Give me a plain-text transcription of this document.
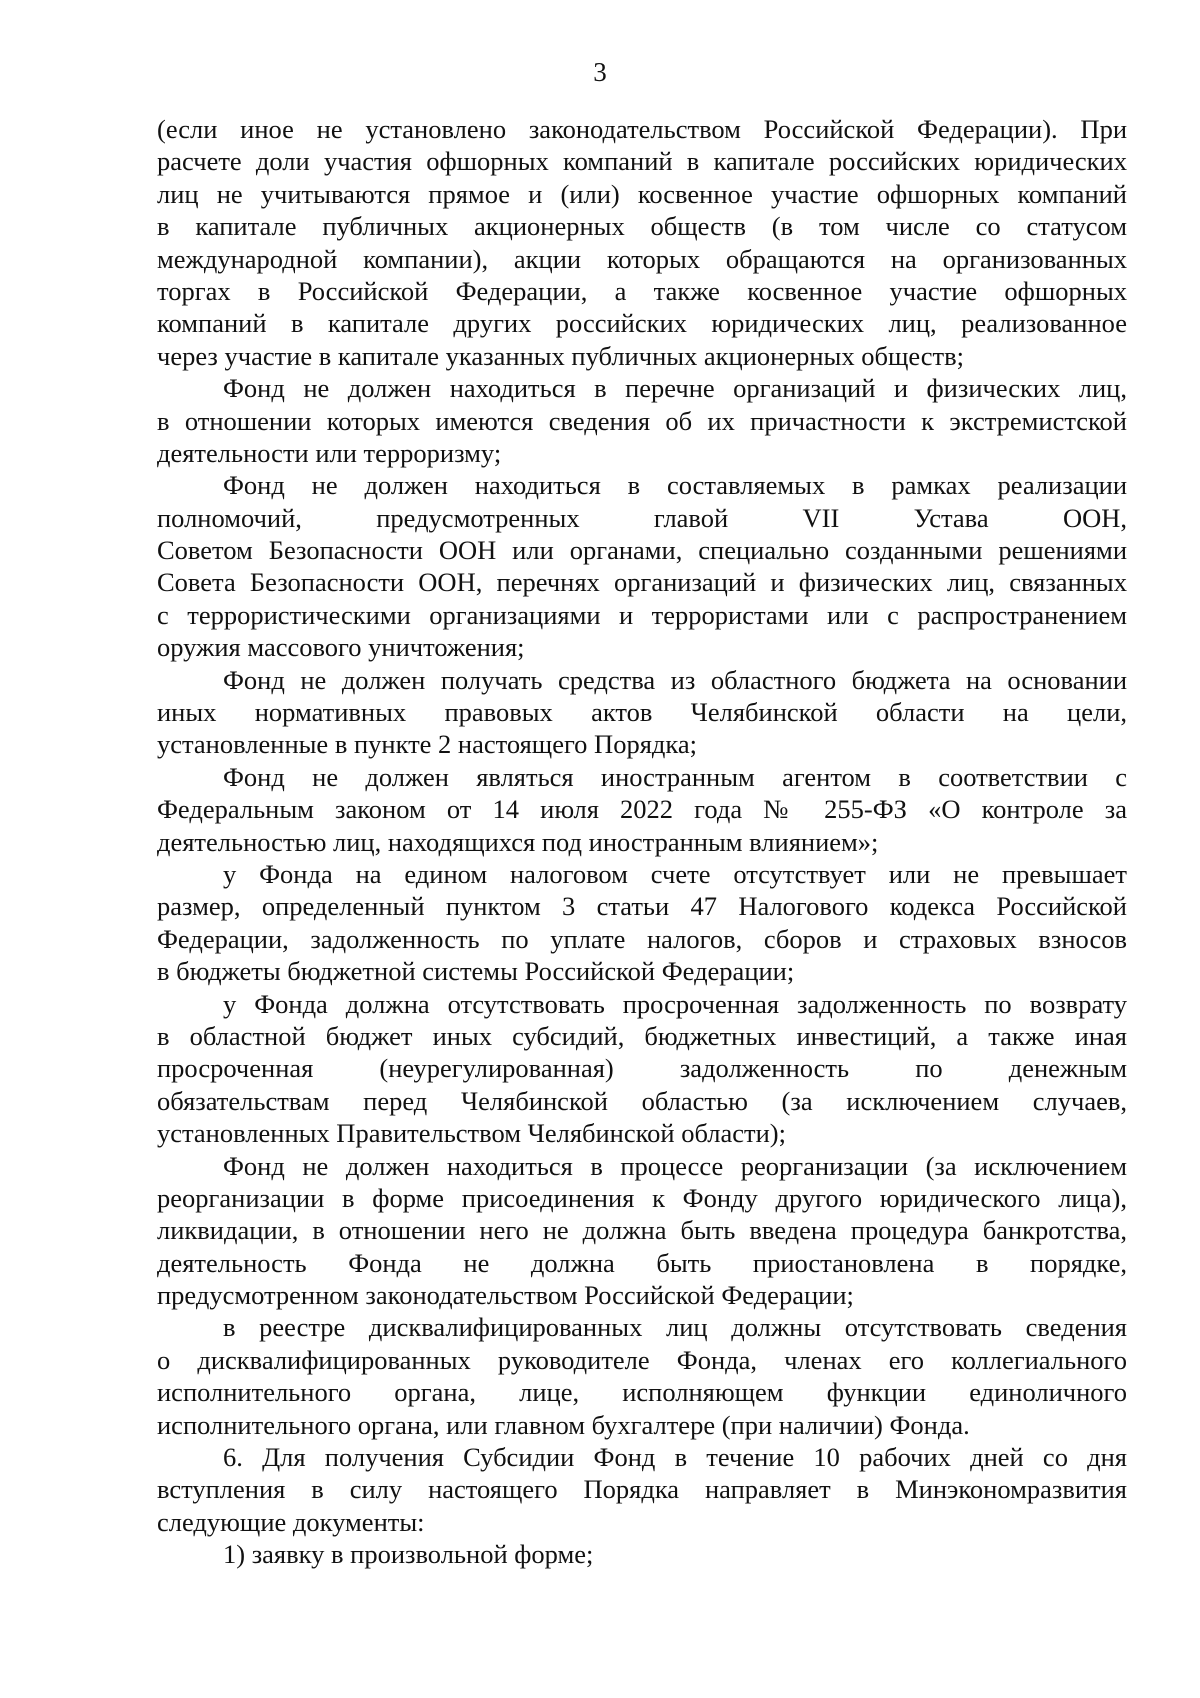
3
(если иное не установлено законодательством Российской Федерации). При
расчете доли участия офшорных компаний в капитале российских юридических
лиц не учитываются прямое и (или) косвенное участие офшорных компаний
в капитале публичных акционерных обществ (в том числе со статусом
международной компании), акции которых обращаются на организованных
торгах в Российской Федерации, а также косвенное участие офшорных
компаний в капитале других российских юридических лиц, реализованное
через участие в капитале указанных публичных акционерных обществ;
Фонд не должен находиться в перечне организаций и физических лиц,
в отношении которых имеются сведения об их причастности к экстремистской
деятельности или терроризму;
Фонд не должен находиться в составляемых в рамках реализации
полномочий, предусмотренных главой VII Устава ООН,
Советом Безопасности ООН или органами, специально созданными решениями
Совета Безопасности ООН, перечнях организаций и физических лиц, связанных
с террористическими организациями и террористами или с распространением
оружия массового уничтожения;
Фонд не должен получать средства из областного бюджета на основании
иных нормативных правовых актов Челябинской области на цели,
установленные в пункте 2 настоящего Порядка;
Фонд не должен являться иностранным агентом в соответствии с
Федеральным законом от 14 июля 2022 года № 255-ФЗ «О контроле за
деятельностью лиц, находящихся под иностранным влиянием»;
у Фонда на едином налоговом счете отсутствует или не превышает
размер, определенный пунктом 3 статьи 47 Налогового кодекса Российской
Федерации, задолженность по уплате налогов, сборов и страховых взносов
в бюджеты бюджетной системы Российской Федерации;
у Фонда должна отсутствовать просроченная задолженность по возврату
в областной бюджет иных субсидий, бюджетных инвестиций, а также иная
просроченная (неурегулированная) задолженность по денежным
обязательствам перед Челябинской областью (за исключением случаев,
установленных Правительством Челябинской области);
Фонд не должен находиться в процессе реорганизации (за исключением
реорганизации в форме присоединения к Фонду другого юридического лица),
ликвидации, в отношении него не должна быть введена процедура банкротства,
деятельность Фонда не должна быть приостановлена в порядке,
предусмотренном законодательством Российской Федерации;
в реестре дисквалифицированных лиц должны отсутствовать сведения
о дисквалифицированных руководителе Фонда, членах его коллегиального
исполнительного органа, лице, исполняющем функции единоличного
исполнительного органа, или главном бухгалтере (при наличии) Фонда.
6. Для получения Субсидии Фонд в течение 10 рабочих дней со дня
вступления в силу настоящего Порядка направляет в Минэкономразвития
следующие документы:
1) заявку в произвольной форме;
